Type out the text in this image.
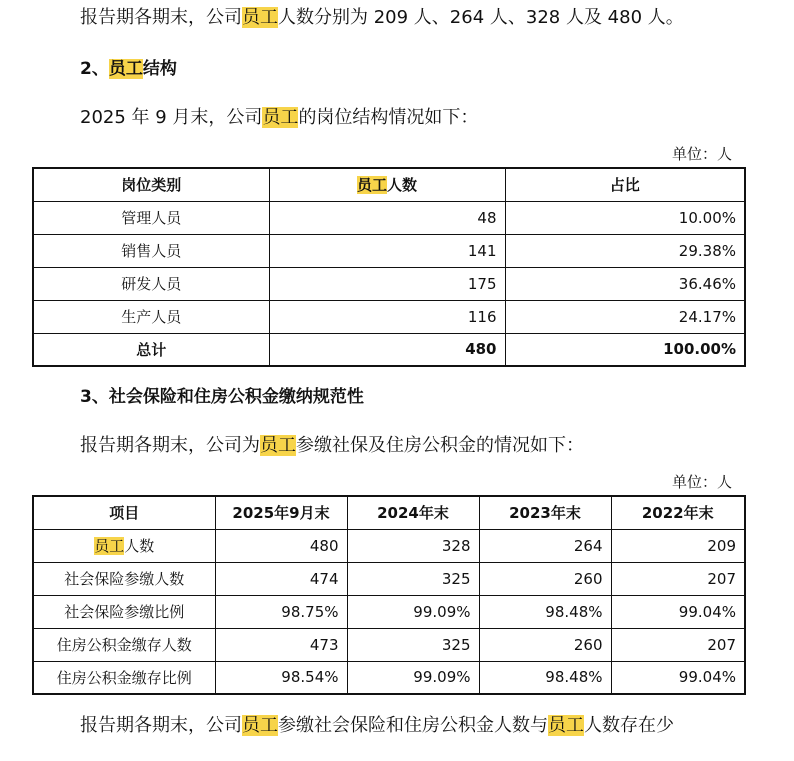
报告期各期末，公司员工人数分别为 209 人、264 人、328 人及 480 人。
2、员工结构
2025 年 9 月末，公司员工的岗位结构情况如下：
单位：人
岗位类别	员工人数	占比
管理人员	48	10.00%
销售人员	141	29.38%
研发人员	175	36.46%
生产人员	116	24.17%
总计	480	100.00%
3、社会保险和住房公积金缴纳规范性
报告期各期末，公司为员工参缴社保及住房公积金的情况如下：
单位：人
项目	2025年9月末	2024年末	2023年末	2022年末
员工人数	480	328	264	209
社会保险参缴人数	474	325	260	207
社会保险参缴比例	98.75%	99.09%	98.48%	99.04%
住房公积金缴存人数	473	325	260	207
住房公积金缴存比例	98.54%	99.09%	98.48%	99.04%
报告期各期末，公司员工参缴社会保险和住房公积金人数与员工人数存在少
